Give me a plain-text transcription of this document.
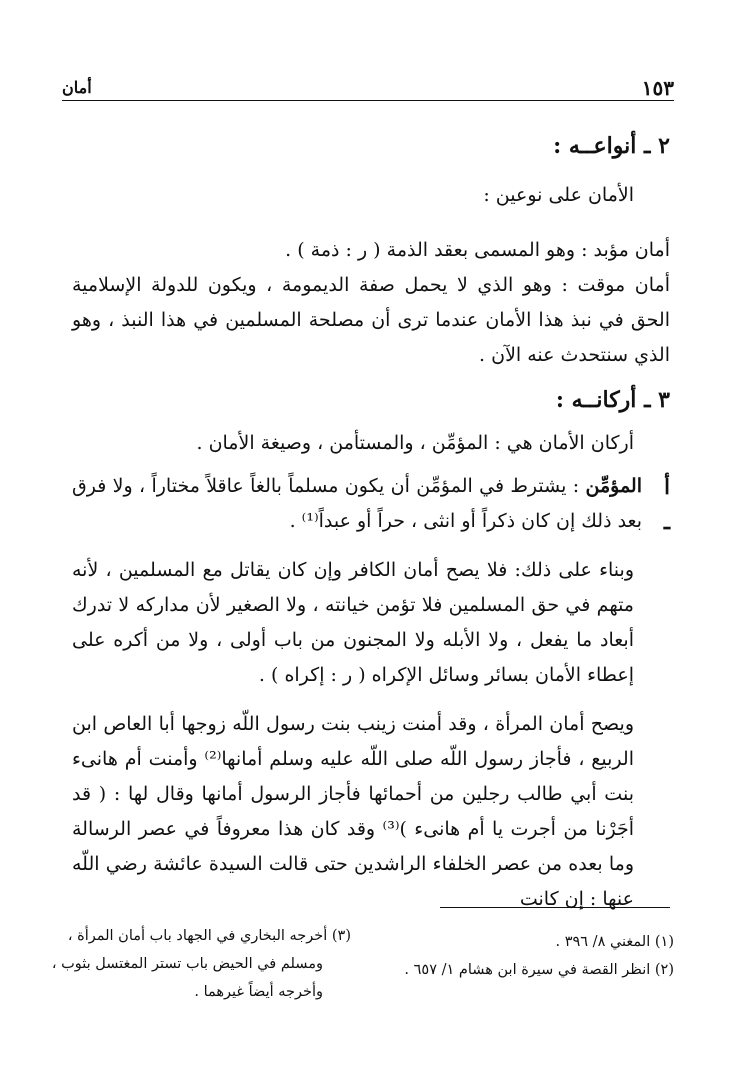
١٥٣
أمان

٢ ـ أنواعــه :

الأمان على نوعين :

أمان مؤبد : وهو المسمى بعقد الذمة ( ر : ذمة ) .

أمان موقت : وهو الذي لا يحمل صفة الديمومة ، ويكون للدولة الإسلامية الحق في نبذ هذا الأمان عندما ترى أن مصلحة المسلمين في هذا النبذ ، وهو الذي سنتحدث عنه الآن .

٣ ـ أركانــه :

أركان الأمان هي : المؤمِّن ، والمستأمن ، وصيغة الأمان .

أ ـ

المؤمِّن : يشترط في المؤمِّن أن يكون مسلماً بالغاً عاقلاً مختاراً ، ولا فرق بعد ذلك إن كان ذكراً أو انثى ، حراً أو عبداً⁽¹⁾ .

وبناء على ذلك: فلا يصح أمان الكافر وإن كان يقاتل مع المسلمين ، لأنه متهم في حق المسلمين فلا تؤمن خيانته ، ولا الصغير لأن مداركه لا تدرك أبعاد ما يفعل ، ولا الأبله ولا المجنون من باب أولى ، ولا من أكره على إعطاء الأمان بسائر وسائل الإكراه ( ر : إكراه ) .

ويصح أمان المرأة ، وقد أمنت زينب بنت رسول اللّه زوجها أبا العاص ابن الربيع ، فأجاز رسول اللّه صلى اللّه عليه وسلم أمانها⁽²⁾ وأمنت أم هانىء بنت أبي طالب رجلين من أحمائها فأجاز الرسول أمانها وقال لها : ( قد أجَرْنا من أجرت يا أم هانىء )⁽³⁾ وقد كان هذا معروفاً في عصر الرسالة وما بعده من عصر الخلفاء الراشدين حتى قالت السيدة عائشة رضي اللّه عنها : إن كانت

(١) المغني ٨/ ٣٩٦ .

(٢) انظر القصة في سيرة ابن هشام ١/ ٦٥٧ .

(٣) أخرجه البخاري في الجهاد باب أمان المرأة ،

ومسلم في الحيض باب تستر المغتسل بثوب ،

وأخرجه أيضاً غيرهما .
